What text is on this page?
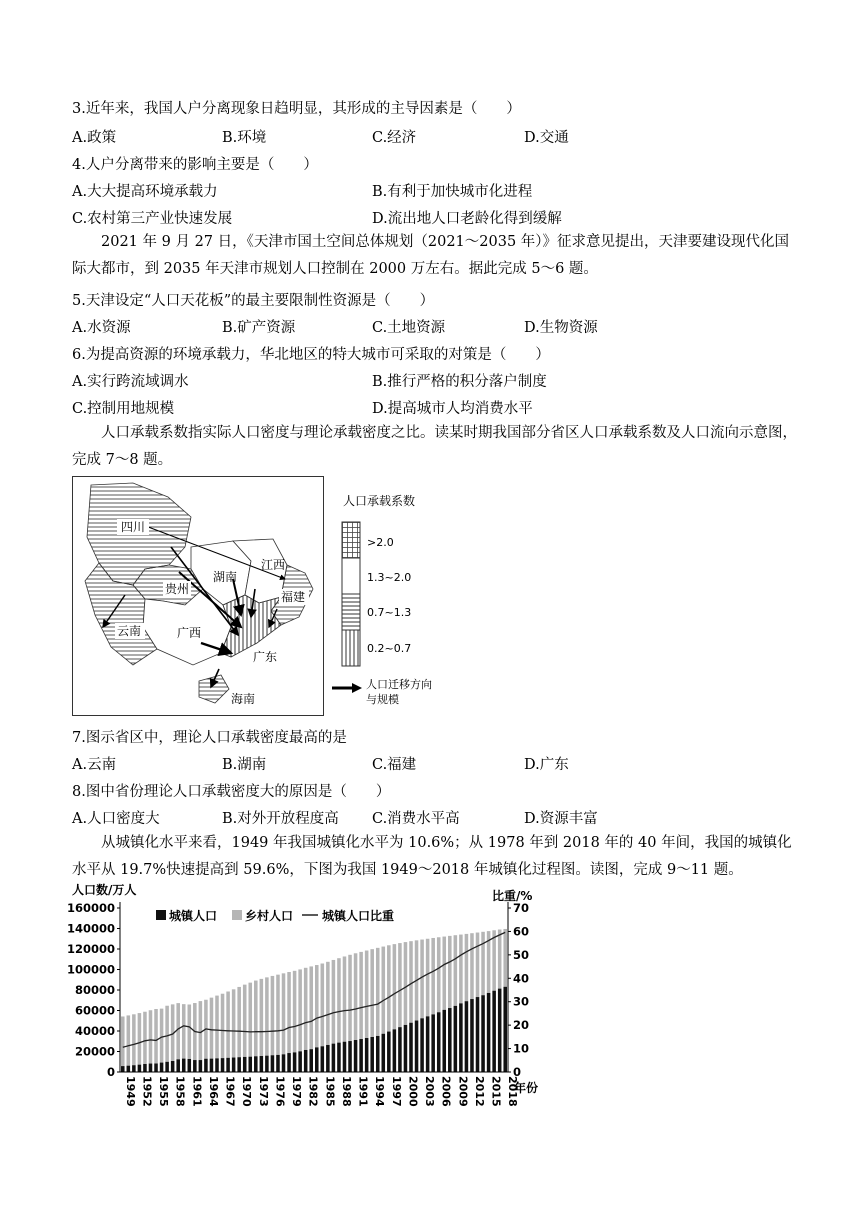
3.近年来，我国人户分离现象日趋明显，其形成的主导因素是（　　）
A.政策	B.环境	C.经济	D.交通
4.人户分离带来的影响主要是（　　）
A.大大提高环境承载力	B.有利于加快城市化进程
C.农村第三产业快速发展	D.流出地人口老龄化得到缓解
2021 年 9 月 27 日，《天津市国土空间总体规划（2021～2035 年）》征求意见提出，天津要建设现代化国际大都市，到 2035 年天津市规划人口控制在 2000 万左右。据此完成 5～6 题。
5.天津设定“人口天花板”的最主要限制性资源是（　　）
A.水资源	B.矿产资源	C.土地资源	D.生物资源
6.为提高资源的环境承载力，华北地区的特大城市可采取的对策是（　　）
A.实行跨流域调水	B.推行严格的积分落户制度
C.控制用地规模	D.提高城市人均消费水平
人口承载系数指实际人口密度与理论承载密度之比。读某时期我国部分省区人口承载系数及人口流向示意图，完成 7～8 题。
四川
湖南
江西
贵州
云南	广西
福建
广东
海南
人口承载系数
>2.0
1.3~2.0
0.7~1.3
0.2~0.7
人口迁移方向
与规模
7.图示省区中，理论人口承载密度最高的是
A.云南	B.湖南	C.福建	D.广东
8.图中省份理论人口承载密度大的原因是（　　）
A.人口密度大	B.对外开放程度高 C.消费水平高	D.资源丰富
从城镇化水平来看，1949 年我国城镇化水平为 10.6%；从 1978 年到 2018 年的 40 年间，我国的城镇化水平从 19.7%快速提高到 59.6%，下图为我国 1949～2018 年城镇化过程图。读图，完成 9～11 题。
人口数/万人	比重/%
160000
140000
120000
100000
80000
60000
40000
20000
0
70
60
50
40
30
20
10
0
1949 1952 1955 1958 1961 1964 1967 1970 1973 1976 1979 1982 1985 1988 1991 1994 1997 2000 2003 2006 2009 2012 2015 2018
年份
城镇人口 乡村人口 城镇人口比重
